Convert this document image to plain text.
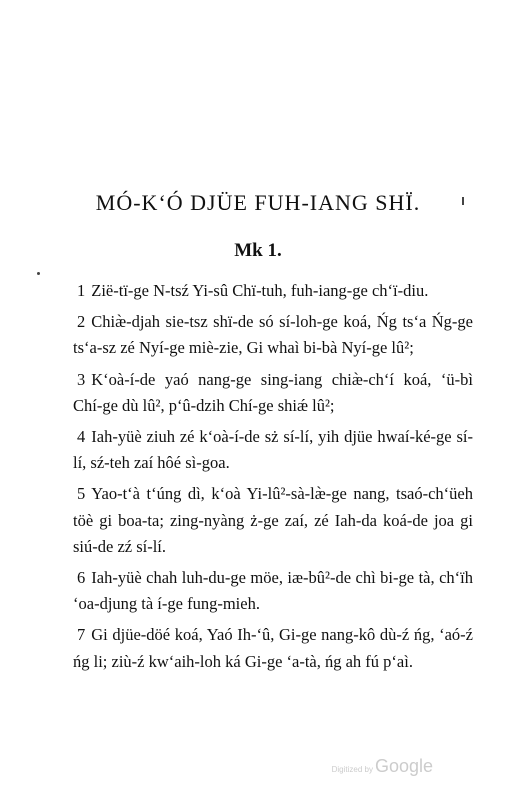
MÓ-K‘Ó DJÜE FUH-IANG SHÏ.
Mk 1.

1 Zië-tï-ge N-tsź Yi-sû Chï-tuh, fuh-iang-ge ch‘ï-diu.

2 Chiæ̀-djah sie-tsz shï-de só sí-loh-ge koá, Ńg ts‘a Ńg-ge ts‘a-sz zé Nyí-ge miè-zie, Gi whaì bi-bà Nyí-ge lû²;

3 K‘oà-í-de yaó nang-ge sing-iang chiæ̀-ch‘í koá, ‘ü-bì Chí-ge dù lû², p‘û-dzih Chí-ge shiǽ lû²;

4 Iah-yüè ziuh zé k‘oà-í-de sż sí-lí, yih djüe hwaí-ké-ge sí-lí, sź-teh zaí hôé sì-goa.

5 Yao-t‘à t‘úng dì, k‘oà Yi-lû²-sà-læ̀-ge nang, tsaó-ch‘üeh töè gi boa-ta; zing-nyàng ż-ge zaí, zé Iah-da koá-de joa gi siú-de zź sí-lí.

6 Iah-yüè chah luh-du-ge möe, iæ-bû²-de chì bi-ge tà, ch‘ïh ‘oa-djung tà í-ge fung-mieh.

7 Gi djüe-döé koá, Yaó Ih-‘û, Gi-ge nang-kô dù-ź ńg, ‘aó-ź ńg li; ziù-ź kw‘aih-loh ká Gi-ge ‘a-tà, ńg ah fú p‘aì.

Digitized by Google
